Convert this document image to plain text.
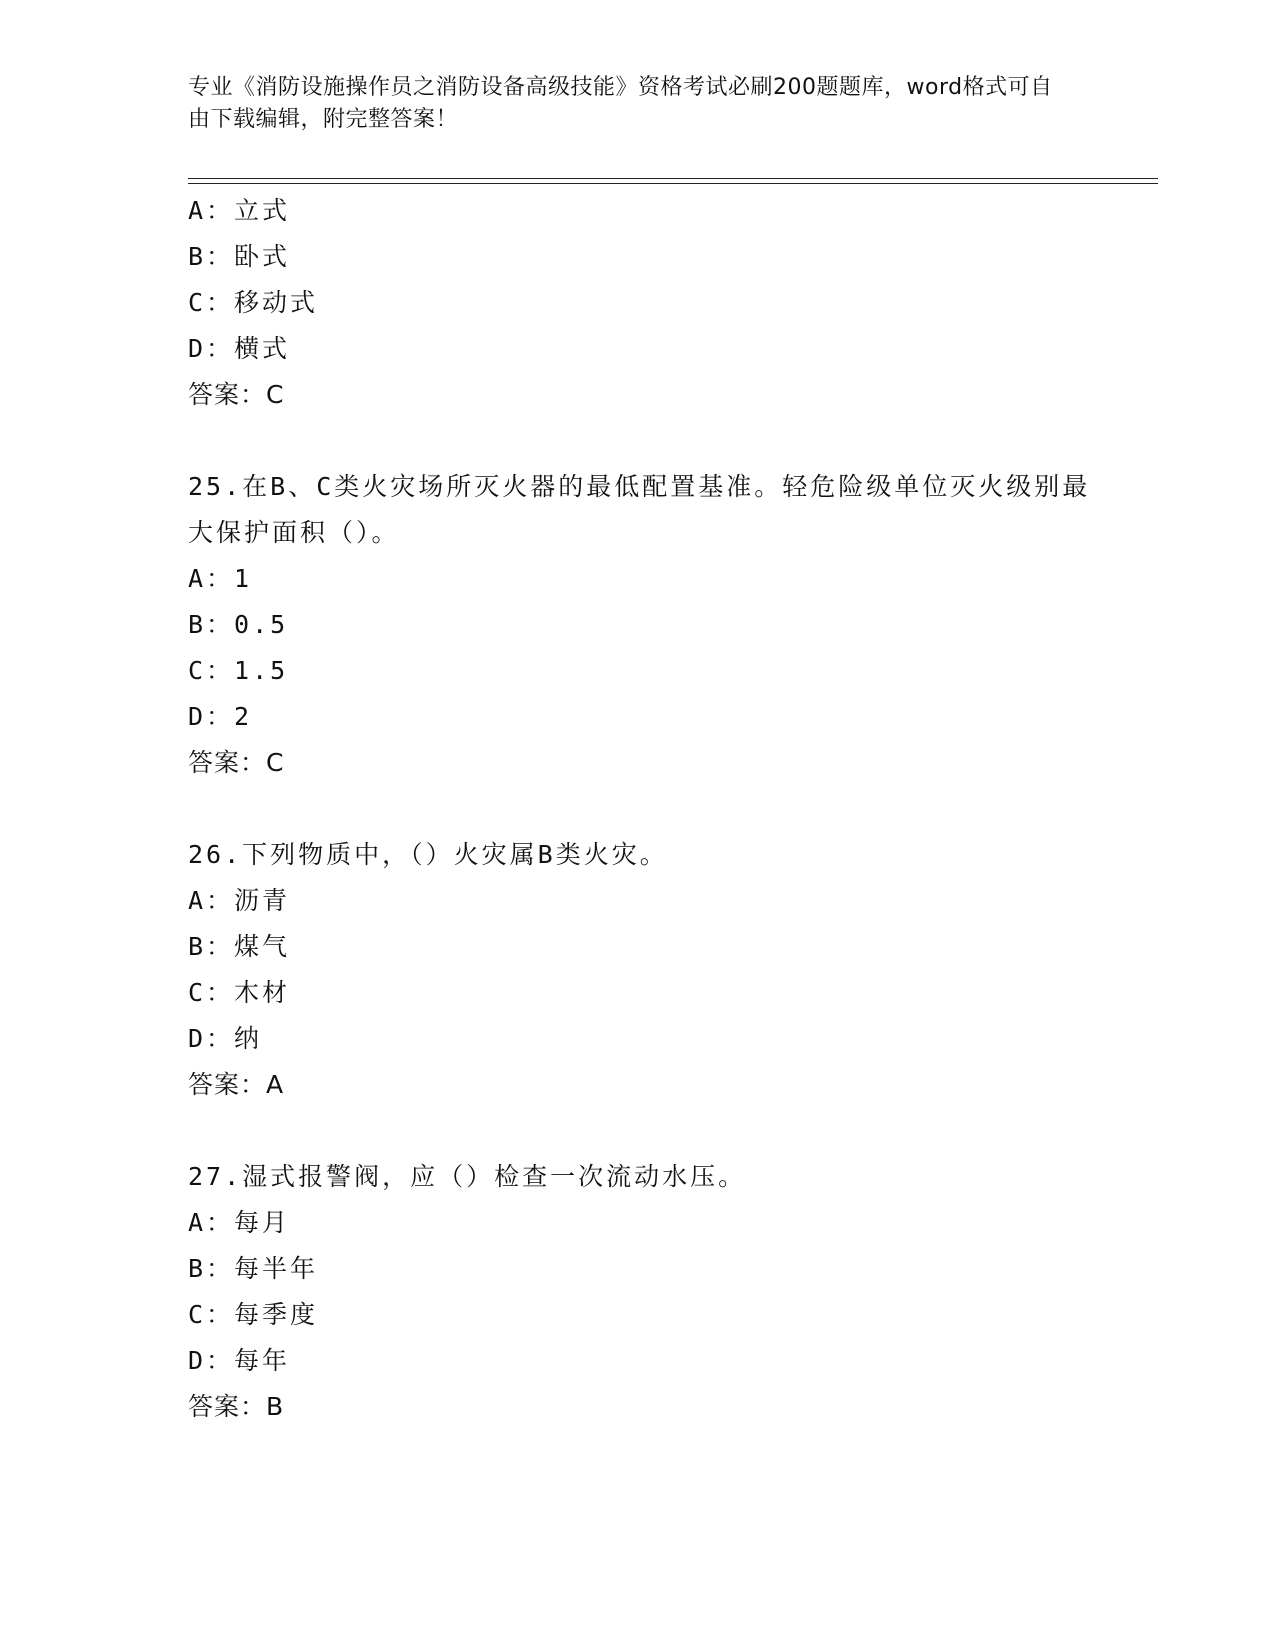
专业《消防设施操作员之消防设备高级技能》资格考试必刷200题题库，word格式可自由下载编辑，附完整答案！
A：立式
B：卧式
C：移动式
D：横式
答案：C
25.在B、C类火灾场所灭火器的最低配置基准。轻危险级单位灭火级别最大保护面积（）。
A：1
B：0.5
C：1.5
D：2
答案：C
26.下列物质中，（）火灾属B类火灾。
A：沥青
B：煤气
C：木材
D：纳
答案：A
27.湿式报警阀，应（）检查一次流动水压。
A：每月
B：每半年
C：每季度
D：每年
答案：B
